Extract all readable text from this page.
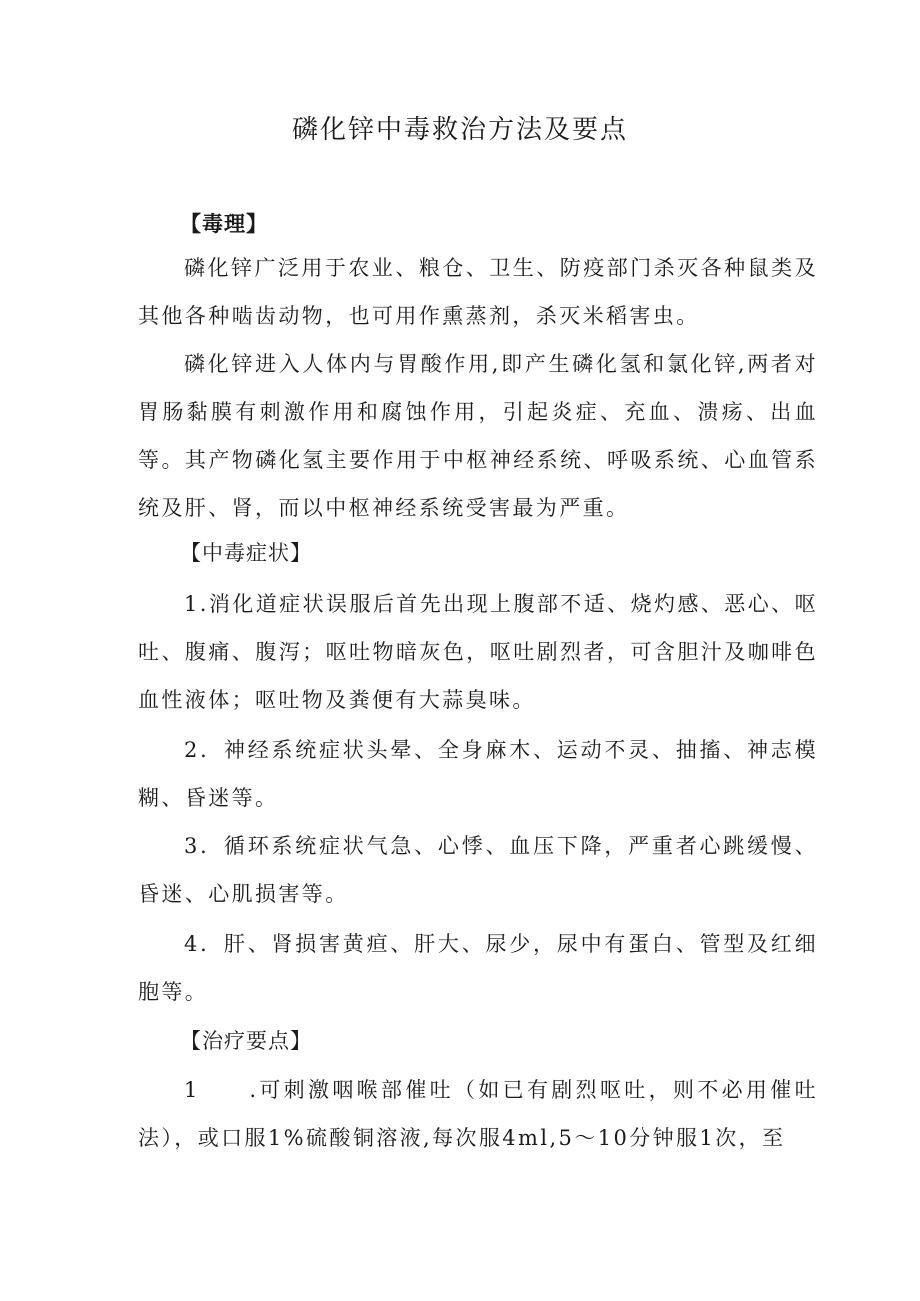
磷化锌中毒救治方法及要点
【毒理】

磷化锌广泛用于农业、粮仓、卫生、防疫部门杀灭各种鼠类及其他各种啮齿动物，也可用作熏蒸剂，杀灭米稻害虫。

磷化锌进入人体内与胃酸作用,即产生磷化氢和氯化锌,两者对胃肠黏膜有刺激作用和腐蚀作用，引起炎症、充血、溃疡、出血等。其产物磷化氢主要作用于中枢神经系统、呼吸系统、心血管系统及肝、肾，而以中枢神经系统受害最为严重。

【中毒症状】

1.消化道症状误服后首先出现上腹部不适、烧灼感、恶心、呕吐、腹痛、腹泻；呕吐物暗灰色，呕吐剧烈者，可含胆汁及咖啡色血性液体；呕吐物及粪便有大蒜臭味。

2．神经系统症状头晕、全身麻木、运动不灵、抽搐、神志模糊、昏迷等。

3．循环系统症状气急、心悸、血压下降，严重者心跳缓慢、昏迷、心肌损害等。

4．肝、肾损害黄疸、肝大、尿少，尿中有蛋白、管型及红细胞等。

【治疗要点】

1　　.可刺激咽喉部催吐（如已有剧烈呕吐，则不必用催吐法），或口服1%硫酸铜溶液,每次服4ml,5～10分钟服1次，至
